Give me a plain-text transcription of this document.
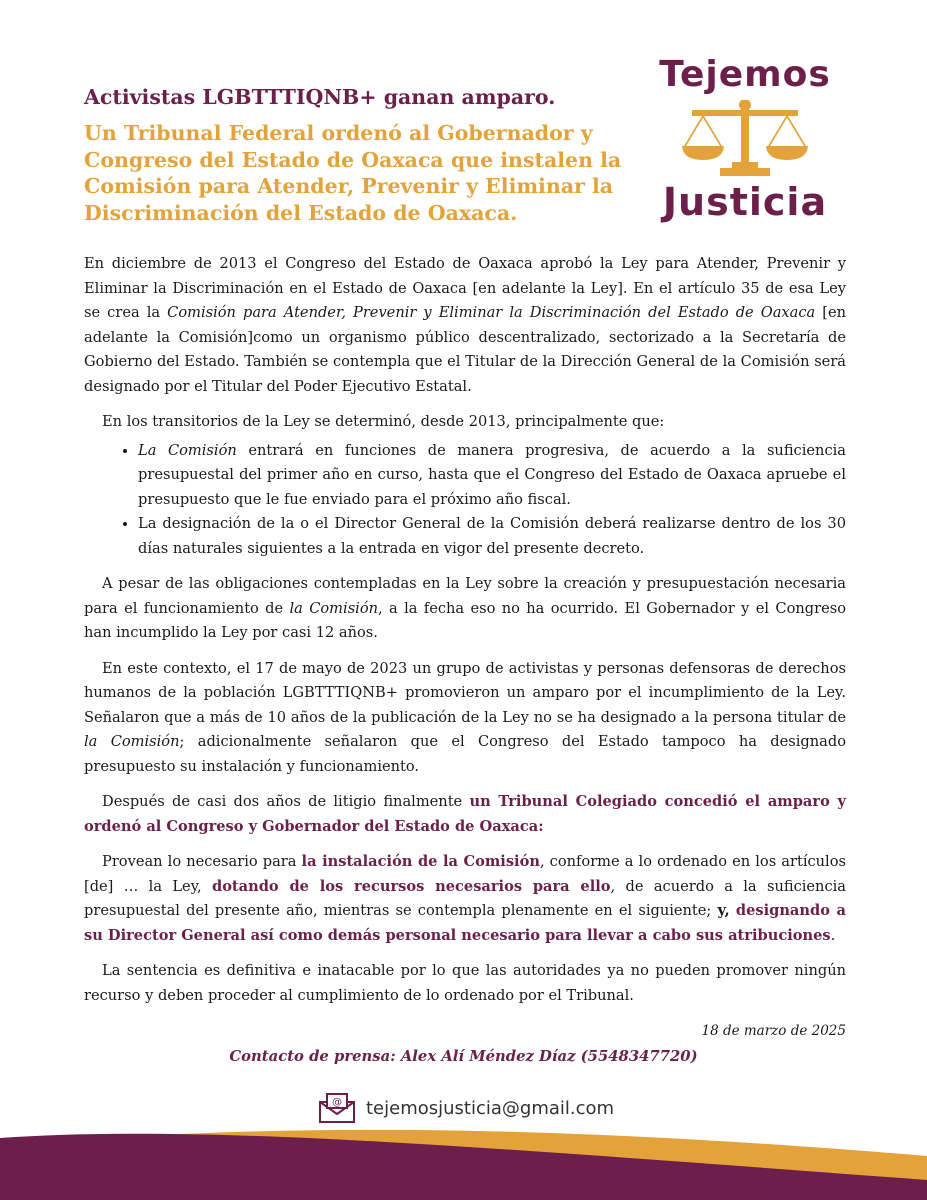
Activistas LGBTTTIQNB+ ganan amparo.
Un Tribunal Federal ordenó al Gobernador y Congreso del Estado de Oaxaca que instalen la Comisión para Atender, Prevenir y Eliminar la Discriminación del Estado de Oaxaca.
Tejemos
Justicia

En diciembre de 2013 el Congreso del Estado de Oaxaca aprobó la Ley para Atender, Prevenir y Eliminar la Discriminación en el Estado de Oaxaca [en adelante la Ley]. En el artículo 35 de esa Ley se crea la Comisión para Atender, Prevenir y Eliminar la Discriminación del Estado de Oaxaca [en adelante la Comisión]como un organismo público descentralizado, sectorizado a la Secretaría de Gobierno del Estado. También se contempla que el Titular de la Dirección General de la Comisión será designado por el Titular del Poder Ejecutivo Estatal.

En los transitorios de la Ley se determinó, desde 2013, principalmente que:

• La Comisión entrará en funciones de manera progresiva, de acuerdo a la suficiencia presupuestal del primer año en curso, hasta que el Congreso del Estado de Oaxaca apruebe el presupuesto que le fue enviado para el próximo año fiscal.
• La designación de la o el Director General de la Comisión deberá realizarse dentro de los 30 días naturales siguientes a la entrada en vigor del presente decreto.

A pesar de las obligaciones contempladas en la Ley sobre la creación y presupuestación necesaria para el funcionamiento de la Comisión, a la fecha eso no ha ocurrido. El Gobernador y el Congreso han incumplido la Ley por casi 12 años.

En este contexto, el 17 de mayo de 2023 un grupo de activistas y personas defensoras de derechos humanos de la población LGBTTTIQNB+ promovieron un amparo por el incumplimiento de la Ley. Señalaron que a más de 10 años de la publicación de la Ley no se ha designado a la persona titular de la Comisión; adicionalmente señalaron que el Congreso del Estado tampoco ha designado presupuesto su instalación y funcionamiento.

Después de casi dos años de litigio finalmente un Tribunal Colegiado concedió el amparo y ordenó al Congreso y Gobernador del Estado de Oaxaca:

Provean lo necesario para la instalación de la Comisión, conforme a lo ordenado en los artículos [de] … la Ley, dotando de los recursos necesarios para ello, de acuerdo a la suficiencia presupuestal del presente año, mientras se contempla plenamente en el siguiente; y, designando a su Director General así como demás personal necesario para llevar a cabo sus atribuciones.

La sentencia es definitiva e inatacable por lo que las autoridades ya no pueden promover ningún recurso y deben proceder al cumplimiento de lo ordenado por el Tribunal.

18 de marzo de 2025

Contacto de prensa: Alex Alí Méndez Díaz (5548347720)
@ tejemosjusticia@gmail.com
